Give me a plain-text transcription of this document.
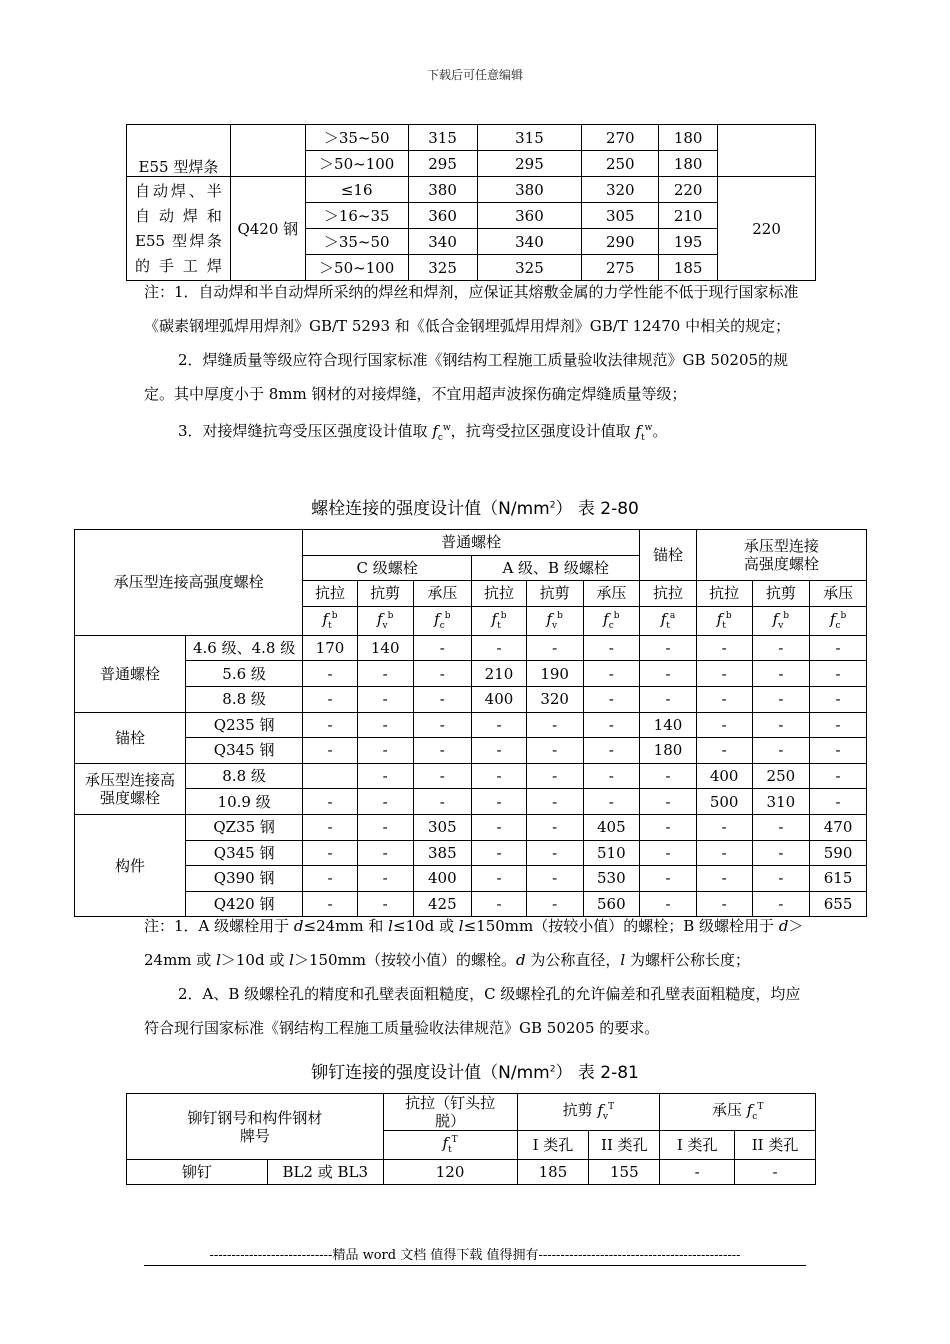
下载后可任意编辑
E55 型焊条		＞35~50	315	315	270	180	
		＞50~100	295	295	250	180	
自动焊、半自动焊和E55 型焊条的手工焊	Q420 钢	≤16	380	380	320	220	220
		＞16~35	360	360	305	210	
		＞35~50	340	340	290	195	
		＞50~100	325	325	275	185	

注：1．自动焊和半自动焊所采纳的焊丝和焊剂，应保证其熔敷金属的力学性能不低于现行国家标准《碳素钢埋弧焊用焊剂》GB/T 5293 和《低合金钢埋弧焊用焊剂》GB/T 12470 中相关的规定；

2．焊缝质量等级应符合现行国家标准《钢结构工程施工质量验收法律规范》GB 50205的规定。其中厚度小于 8mm 钢材的对接焊缝，不宜用超声波探伤确定焊缝质量等级；

3．对接焊缝抗弯受压区强度设计值取 $f_c^w$，抗弯受拉区强度设计值取 $f_t^w$。

螺栓连接的强度设计值$(N/mm^2)$ 表 2-80
承压型连接高强度螺栓		普通螺栓						锚栓	承压型连接高强度螺栓		
		C 级螺栓			A 级、B 级螺栓						
		抗拉	抗剪	承压	抗拉	抗剪	承压	抗拉	抗拉	抗剪	承压
		$f_t^b$	$f_v^b$	$f_c^b$	$f_t^b$	$f_v^b$	$f_c^b$	$f_t^a$	$f_t^b$	$f_v^b$	$f_c^b$
普通螺栓	4.6 级、4.8 级	170	140	-	-	-	-	-	-	-	-
	5.6 级	-	-	-	210	190	-	-	-	-	-
	8.8 级	-	-	-	400	320	-	-	-	-	-
锚栓	Q235 钢	-	-	-	-	-	-	140	-	-	-
	Q345 钢	-	-	-	-	-	-	180	-	-	-
承压型连接高强度螺栓	8.8 级		-	-	-	-	-	-	400	250	-
	10.9 级	-	-	-	-	-	-	-	500	310	-
构件	QZ35 钢	-	-	305	-	-	405	-	-	-	470
	Q345 钢	-	-	385	-	-	510	-	-	-	590
	Q390 钢	-	-	400	-	-	530	-	-	-	615
	Q420 钢	-	-	425	-	-	560	-	-	-	655

注：1．A 级螺栓用于 d≤24mm 和 l≤10d 或 l≤150mm（按较小值）的螺栓；B 级螺栓用于 d＞24mm 或 l＞10d 或 l＞150mm（按较小值）的螺栓。d 为公称直径，l 为螺杆公称长度；

2．A、B 级螺栓孔的精度和孔壁表面粗糙度，C 级螺栓孔的允许偏差和孔壁表面粗糙度，均应符合现行国家标准《钢结构工程施工质量验收法律规范》GB 50205 的要求。

铆钉连接的强度设计值$(N/mm^2)$ 表 2-81
铆钉钢号和构件钢材牌号		抗拉（钉头拉脱）	抗剪 $f_v^T$		承压 $f_c^T$
		$f_t^T$	I 类孔	II 类孔	I 类孔	II 类孔
铆钉	BL2 或 BL3	120	185	155	-	-
----------------------------精品 word 文档 值得下载 值得拥有----------------------------------------------
